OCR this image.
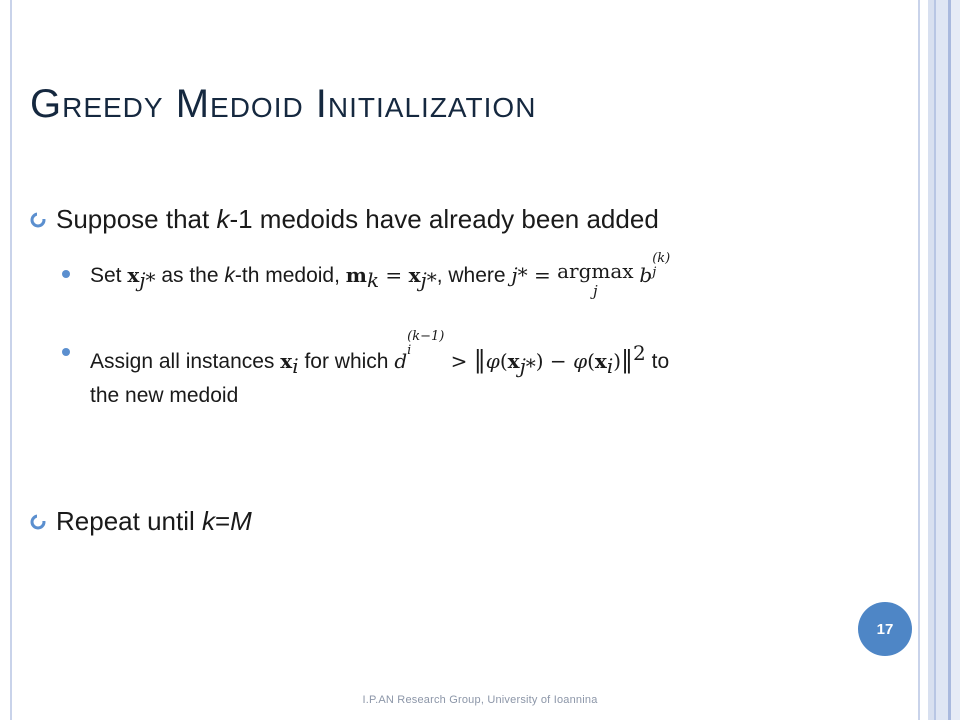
Greedy Medoid Initialization
Suppose that k-1 medoids have already been added
Set $x_{j*}$ as the k-th medoid, $m_k = x_{j*}$, where j* = argmax
j
b
(k)
j
Assign all instances $x_i$ for which d
(k−1)
i	> $‖\varphi(x_{j*})$ − $\varphi(x_i)‖^2$ to
the new medoid
Repeat until k=M
17
I.P.AN Research Group, University of Ioannina
